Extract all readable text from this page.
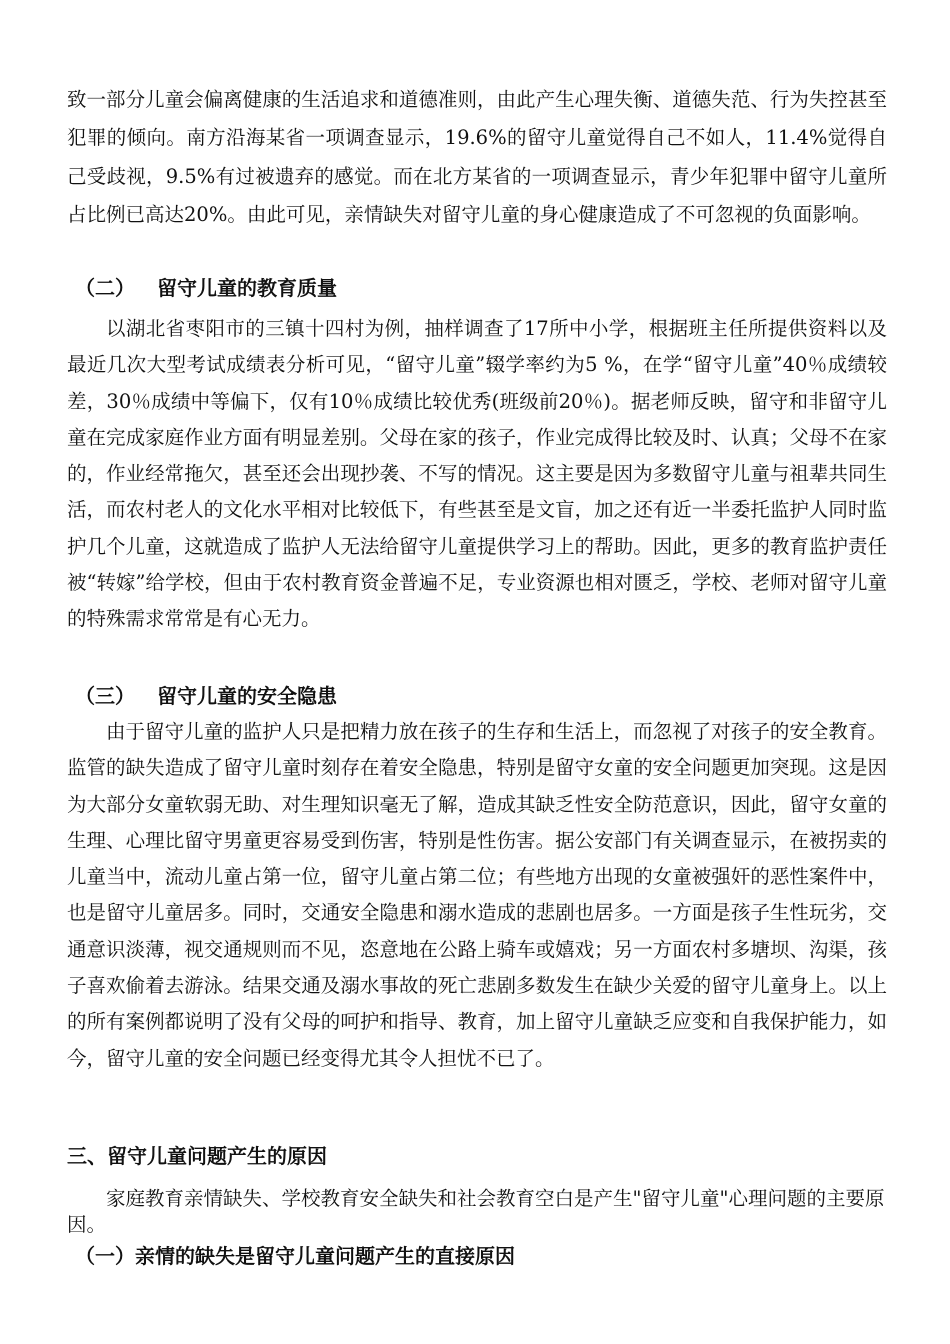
致一部分儿童会偏离健康的生活追求和道德准则，由此产生心理失衡、道德失范、行为失控甚至犯罪的倾向。南方沿海某省一项调查显示，19.6%的留守儿童觉得自己不如人，11.4%觉得自己受歧视，9.5%有过被遗弃的感觉。而在北方某省的一项调查显示，青少年犯罪中留守儿童所占比例已高达20%。由此可见，亲情缺失对留守儿童的身心健康造成了不可忽视的负面影响。

（二） 留守儿童的教育质量

以湖北省枣阳市的三镇十四村为例，抽样调查了17所中小学，根据班主任所提供资料以及最近几次大型考试成绩表分析可见，“留守儿童”辍学率约为5 %，在学“留守儿童”40％成绩较差，30％成绩中等偏下，仅有10％成绩比较优秀(班级前20％)。据老师反映，留守和非留守儿童在完成家庭作业方面有明显差别。父母在家的孩子，作业完成得比较及时、认真；父母不在家的，作业经常拖欠，甚至还会出现抄袭、不写的情况。这主要是因为多数留守儿童与祖辈共同生活，而农村老人的文化水平相对比较低下，有些甚至是文盲，加之还有近一半委托监护人同时监护几个儿童，这就造成了监护人无法给留守儿童提供学习上的帮助。因此，更多的教育监护责任被“转嫁”给学校，但由于农村教育资金普遍不足，专业资源也相对匮乏，学校、老师对留守儿童的特殊需求常常是有心无力。

（三） 留守儿童的安全隐患

由于留守儿童的监护人只是把精力放在孩子的生存和生活上，而忽视了对孩子的安全教育。监管的缺失造成了留守儿童时刻存在着安全隐患，特别是留守女童的安全问题更加突现。这是因为大部分女童软弱无助、对生理知识毫无了解，造成其缺乏性安全防范意识，因此，留守女童的生理、心理比留守男童更容易受到伤害，特别是性伤害。据公安部门有关调查显示，在被拐卖的儿童当中，流动儿童占第一位，留守儿童占第二位；有些地方出现的女童被强奸的恶性案件中，也是留守儿童居多。同时，交通安全隐患和溺水造成的悲剧也居多。一方面是孩子生性玩劣，交通意识淡薄，视交通规则而不见，恣意地在公路上骑车或嬉戏；另一方面农村多塘坝、沟渠，孩子喜欢偷着去游泳。结果交通及溺水事故的死亡悲剧多数发生在缺少关爱的留守儿童身上。以上的所有案例都说明了没有父母的呵护和指导、教育，加上留守儿童缺乏应变和自我保护能力，如今，留守儿童的安全问题已经变得尤其令人担忧不已了。

三、留守儿童问题产生的原因

家庭教育亲情缺失、学校教育安全缺失和社会教育空白是产生"留守儿童"心理问题的主要原因。

（一）亲情的缺失是留守儿童问题产生的直接原因
